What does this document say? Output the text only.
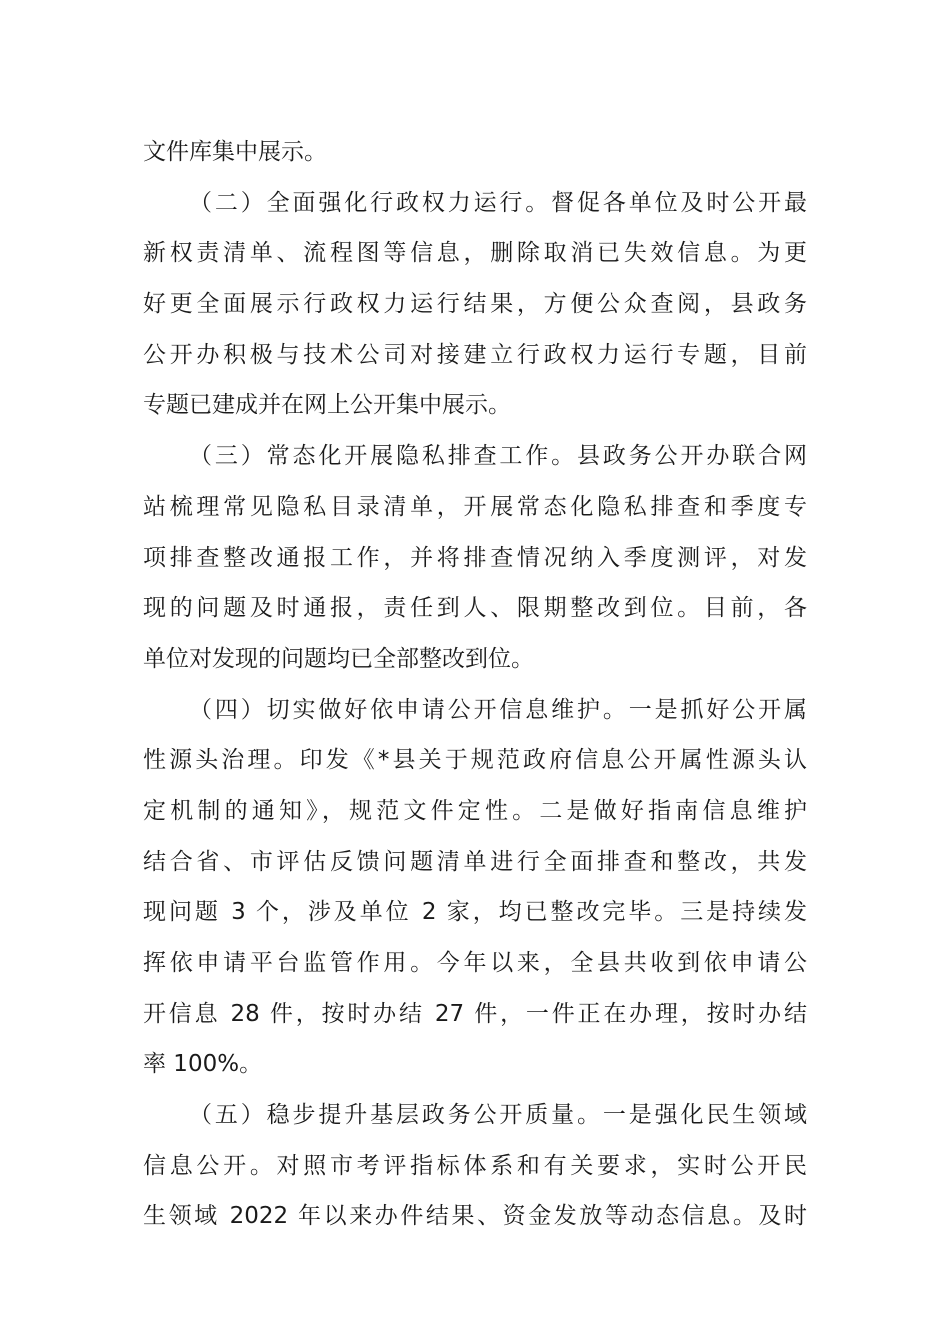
文件库集中展示。
（二）全面强化行政权力运行。督促各单位及时公开最
新权责清单、流程图等信息，删除取消已失效信息。为更
好更全面展示行政权力运行结果，方便公众查阅，县政务
公开办积极与技术公司对接建立行政权力运行专题，目前
专题已建成并在网上公开集中展示。
（三）常态化开展隐私排查工作。县政务公开办联合网
站梳理常见隐私目录清单，开展常态化隐私排查和季度专
项排查整改通报工作，并将排查情况纳入季度测评，对发
现的问题及时通报，责任到人、限期整改到位。目前，各
单位对发现的问题均已全部整改到位。
（四）切实做好依申请公开信息维护。一是抓好公开属
性源头治理。印发《*县关于规范政府信息公开属性源头认
定机制的通知》，规范文件定性。二是做好指南信息维护
结合省、市评估反馈问题清单进行全面排查和整改，共发
现问题 3 个，涉及单位 2 家，均已整改完毕。三是持续发
挥依申请平台监管作用。今年以来，全县共收到依申请公
开信息 28 件，按时办结 27 件，一件正在办理，按时办结
率 100%。
（五）稳步提升基层政务公开质量。一是强化民生领域
信息公开。对照市考评指标体系和有关要求，实时公开民
生领域 2022 年以来办件结果、资金发放等动态信息。及时
